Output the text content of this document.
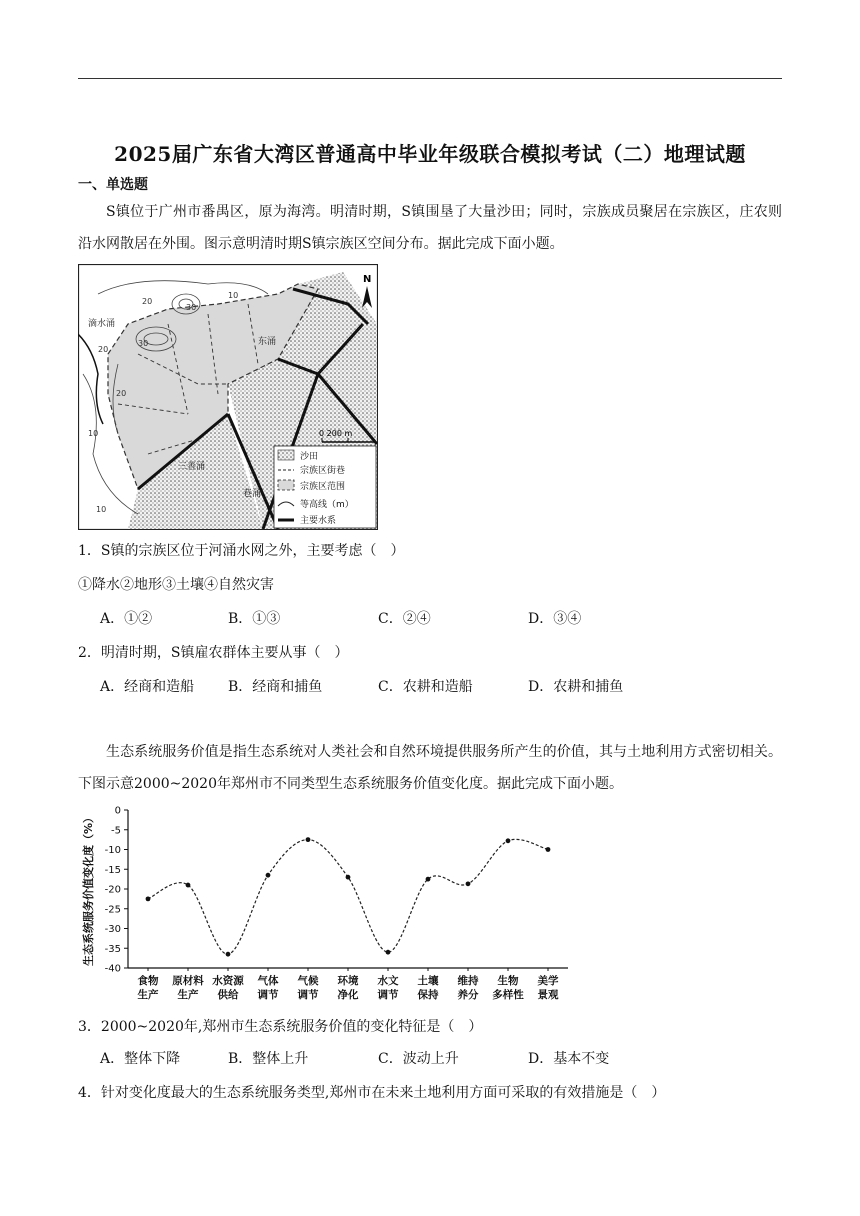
2025届广东省大湾区普通高中毕业年级联合模拟考试（二）地理试题
一、单选题
S镇位于广州市番禺区，原为海湾。明清时期，S镇围垦了大量沙田；同时，宗族成员聚居在宗族区，庄农则沿水网散居在外围。图示意明清时期S镇宗族区空间分布。据此完成下面小题。
滴水涌
东涌
三善涌
巷涌
20
30
10
20
10
30
20
10
N
0 200 m
沙田
宗族区街巷
宗族区范围
等高线（m）
主要水系
1．S镇的宗族区位于河涌水网之外，主要考虑（　）
①降水②地形③土壤④自然灾害
A．①②	B．①③	C．②④	D．③④
2．明清时期，S镇雇农群体主要从事（　）
A．经商和造船 B．经商和捕鱼	C．农耕和造船	D．农耕和捕鱼
生态系统服务价值是指生态系统对人类社会和自然环境提供服务所产生的价值，其与土地利用方式密切相关。下图示意2000~2020年郑州市不同类型生态系统服务价值变化度。据此完成下面小题。
0
-5
-10
-15
-20
-25
-30
-35
-40
生态系统服务价值变化度（%）
食物
生产
原材料
生产
水资源
供给
气体
调节
气候
调节
环境
净化
水文
调节
土壤
保持
维持
养分
生物
多样性
美学
景观
3．2000~2020年,郑州市生态系统服务价值的变化特征是（　）
A．整体下降	B．整体上升	C．波动上升	D．基本不变
4．针对变化度最大的生态系统服务类型,郑州市在未来土地利用方面可采取的有效措施是（　）
